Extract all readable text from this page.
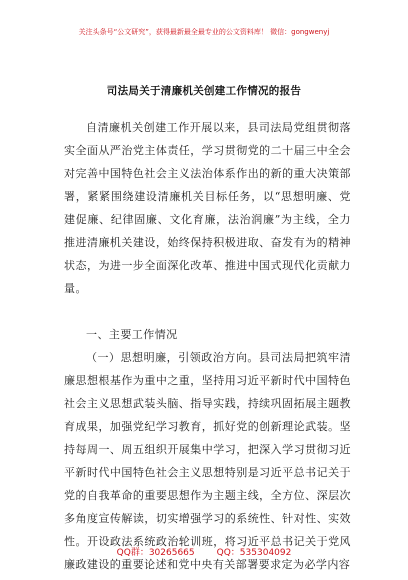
关注头条号“公文研究”，获得最新最全最专业的公文资料库！ 微信：gongwenyj
司法局关于清廉机关创建工作情况的报告

自清廉机关创建工作开展以来，县司法局党组贯彻落实全面从严治党主体责任，学习贯彻党的二十届三中全会对完善中国特色社会主义法治体系作出的新的重大决策部署，紧紧围绕建设清廉机关目标任务，以“思想明廉、党建促廉、纪律固廉、文化育廉，法治润廉”为主线，全力推进清廉机关建设，始终保持积极进取、奋发有为的精神状态，为进一步全面深化改革、推进中国式现代化贡献力量。

一、主要工作情况

（一）思想明廉，引领政治方向。县司法局把筑牢清廉思想根基作为重中之重，坚持用习近平新时代中国特色社会主义思想武装头脑、指导实践，持续巩固拓展主题教育成果，加强党纪学习教育，抓好党的创新理论武装。坚持每周一、周五组织开展集中学习，把深入学习贯彻习近平新时代中国特色社会主义思想特别是习近平总书记关于党的自我革命的重要思想作为主题主线，全方位、深层次多角度宣传解读，切实增强学习的系统性、针对性、实效性。开设政法系统政治轮训班，将习近平总书记关于党风廉政建设的重要论述和党中央有关部署要求定为必学内容

QQ群：30265665 QQ：535304092
